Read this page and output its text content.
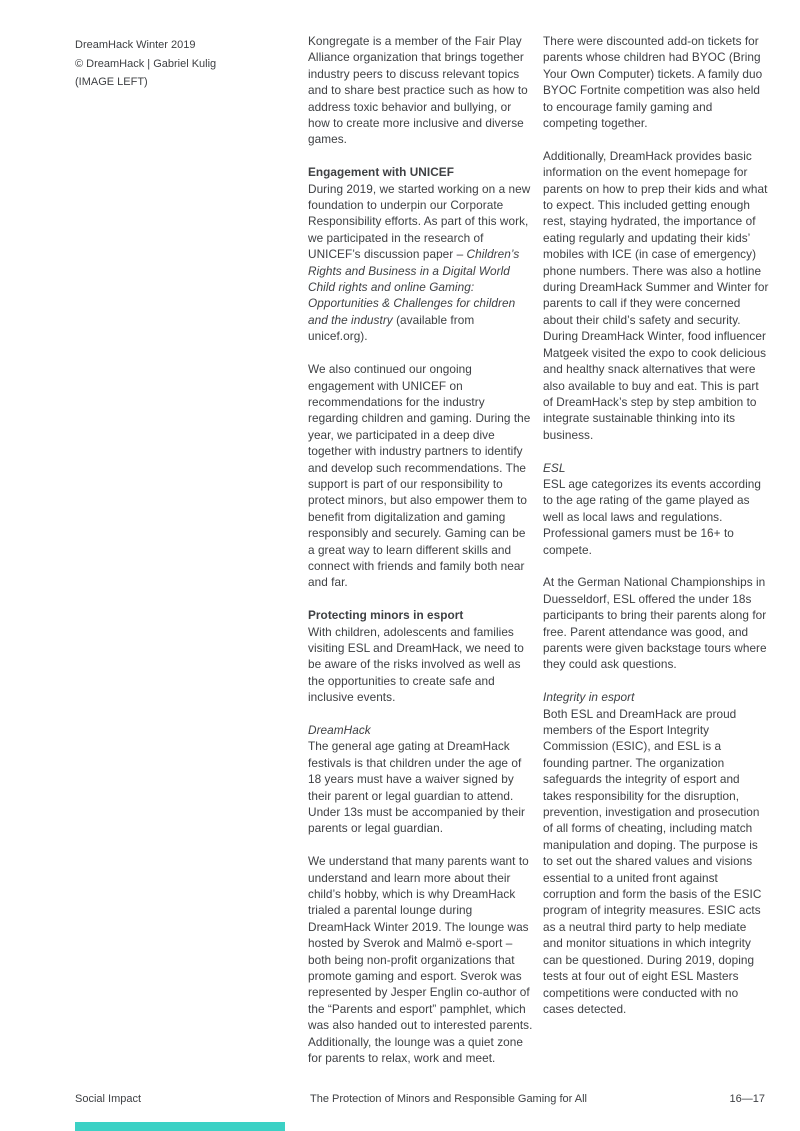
DreamHack Winter 2019
© DreamHack | Gabriel Kulig
(IMAGE LEFT)

Kongregate is a member of the Fair Play Alliance organization that brings together industry peers to discuss relevant topics and to share best practice such as how to address toxic behavior and bullying, or how to create more inclusive and diverse games.

Engagement with UNICEF

During 2019, we started working on a new foundation to underpin our Corporate Responsibility efforts. As part of this work, we participated in the research of UNICEF’s discussion paper – Children’s Rights and Business in a Digital World Child rights and online Gaming: Opportunities & Challenges for children and the industry (available from unicef.org).

We also continued our ongoing engagement with UNICEF on recommendations for the industry regarding children and gaming. During the year, we participated in a deep dive together with industry partners to identify and develop such recommendations. The support is part of our responsibility to protect minors, but also empower them to benefit from digitalization and gaming responsibly and securely. Gaming can be a great way to learn different skills and connect with friends and family both near and far.

Protecting minors in esport

With children, adolescents and families visiting ESL and DreamHack, we need to be aware of the risks involved as well as the opportunities to create safe and inclusive events.

DreamHack

The general age gating at DreamHack festivals is that children under the age of 18 years must have a waiver signed by their parent or legal guardian to attend. Under 13s must be accompanied by their parents or legal guardian.

We understand that many parents want to understand and learn more about their child’s hobby, which is why DreamHack trialed a parental lounge during DreamHack Winter 2019. The lounge was hosted by Sverok and Malmö e-sport – both being non-profit organizations that promote gaming and esport. Sverok was represented by Jesper Englin co-author of the “Parents and esport” pamphlet, which was also handed out to interested parents. Additionally, the lounge was a quiet zone for parents to relax, work and meet.

There were discounted add-on tickets for parents whose children had BYOC (Bring Your Own Computer) tickets. A family duo BYOC Fortnite competition was also held to encourage family gaming and competing together.

Additionally, DreamHack provides basic information on the event homepage for parents on how to prep their kids and what to expect. This included getting enough rest, staying hydrated, the importance of eating regularly and updating their kids’ mobiles with ICE (in case of emergency) phone numbers. There was also a hotline during DreamHack Summer and Winter for parents to call if they were concerned about their child’s safety and security. During DreamHack Winter, food influencer Matgeek visited the expo to cook delicious and healthy snack alternatives that were also available to buy and eat. This is part of DreamHack’s step by step ambition to integrate sustainable thinking into its business.

ESL

ESL age categorizes its events according to the age rating of the game played as well as local laws and regulations. Professional gamers must be 16+ to compete.

At the German National Championships in Duesseldorf, ESL offered the under 18s participants to bring their parents along for free. Parent attendance was good, and parents were given backstage tours where they could ask questions.

Integrity in esport

Both ESL and DreamHack are proud members of the Esport Integrity Commission (ESIC), and ESL is a founding partner. The organization safeguards the integrity of esport and takes responsibility for the disruption, prevention, investigation and prosecution of all forms of cheating, including match manipulation and doping. The purpose is to set out the shared values and visions essential to a united front against corruption and form the basis of the ESIC program of integrity measures. ESIC acts as a neutral third party to help mediate and monitor situations in which integrity can be questioned. During 2019, doping tests at four out of eight ESL Masters competitions were conducted with no cases detected.

Social Impact	The Protection of Minors and Responsible Gaming for All	16—17
